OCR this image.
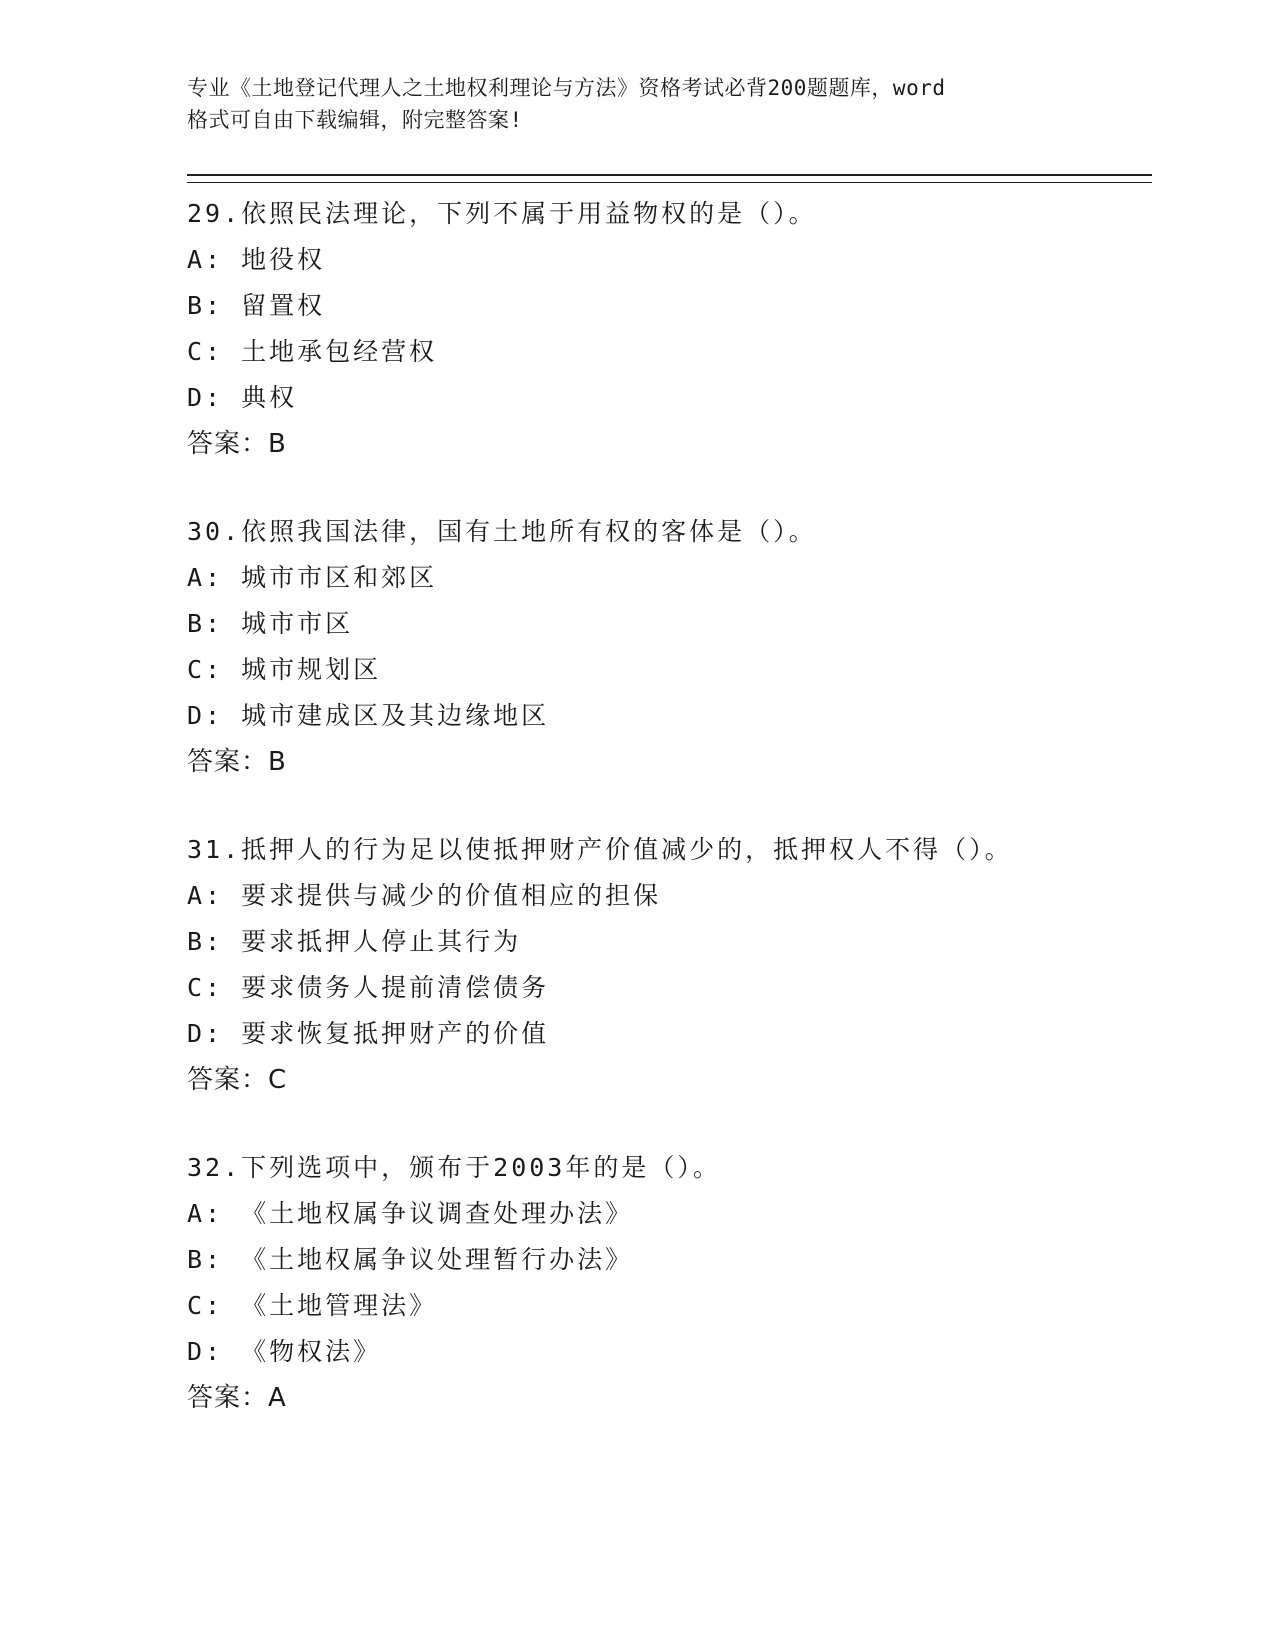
专业《土地登记代理人之土地权利理论与方法》资格考试必背200题题库，word
格式可自由下载编辑，附完整答案!
29.依照民法理论，下列不属于用益物权的是（）。
A: 地役权
B: 留置权
C: 土地承包经营权
D: 典权
答案：B
30.依照我国法律，国有土地所有权的客体是（）。
A: 城市市区和郊区
B: 城市市区
C: 城市规划区
D: 城市建成区及其边缘地区
答案：B
31.抵押人的行为足以使抵押财产价值减少的，抵押权人不得（）。
A: 要求提供与减少的价值相应的担保
B: 要求抵押人停止其行为
C: 要求债务人提前清偿债务
D: 要求恢复抵押财产的价值
答案：C
32.下列选项中，颁布于2003年的是（）。
A: 《土地权属争议调查处理办法》
B: 《土地权属争议处理暂行办法》
C: 《土地管理法》
D: 《物权法》
答案：A
